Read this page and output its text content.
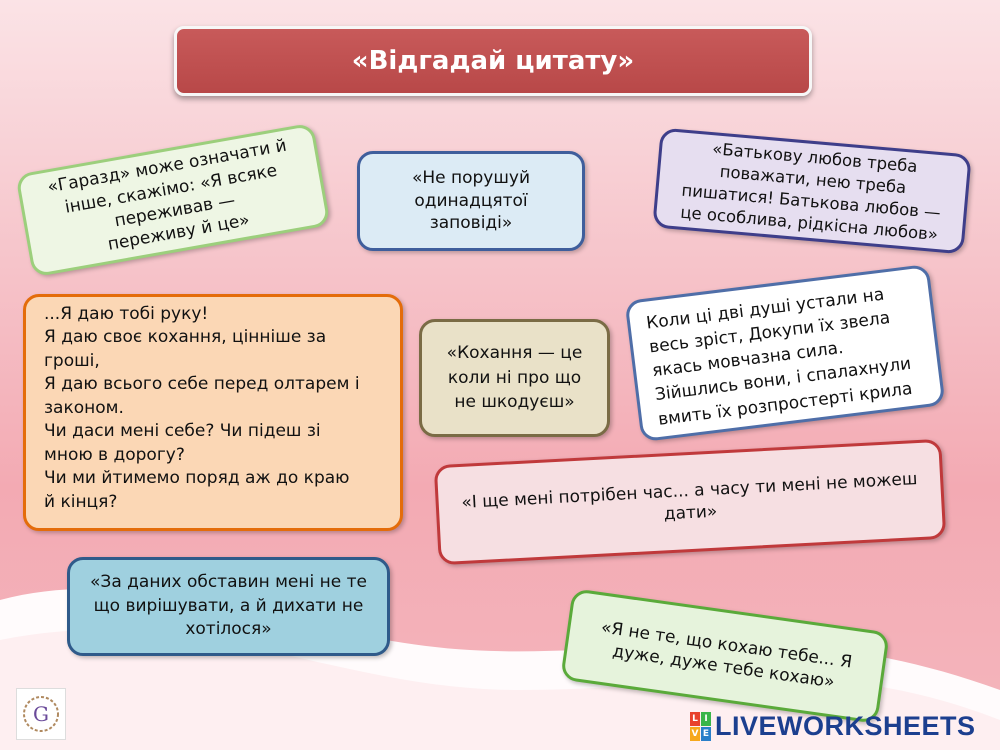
«Відгадай цитату»
«Гаразд» може означати й
інше, скажімо: «Я всяке
переживав —
переживу й це»
«Не порушуй
одинадцятої
заповіді»
«Батькову любов треба
поважати, нею треба
пишатися! Батькова любов —
це особлива, рідкісна любов»
...Я даю тобі руку!
Я даю своє кохання, цінніше за
гроші,
Я даю всього себе перед олтарем і
законом.
Чи даси мені себе? Чи підеш зі
мною в дорогу?
Чи ми йтимемо поряд аж до краю
й кінця?
«Кохання — це
коли ні про що
не шкодуєш»
Коли ці дві душі устали на
весь зріст, Докупи їх звела
якась мовчазна сила.
Зійшлись вони, і спалахнули
вмить їх розпростерті крила
«І ще мені потрібен час... а часу ти мені не можеш
дати»
«За даних обставин мені не те
що вирішувати, а й дихати не
хотілося»	«Я не те, що кохаю тебе... Я
дуже, дуже тебе кохаю»
G	L I
V E LIVEWORKSHEETS
